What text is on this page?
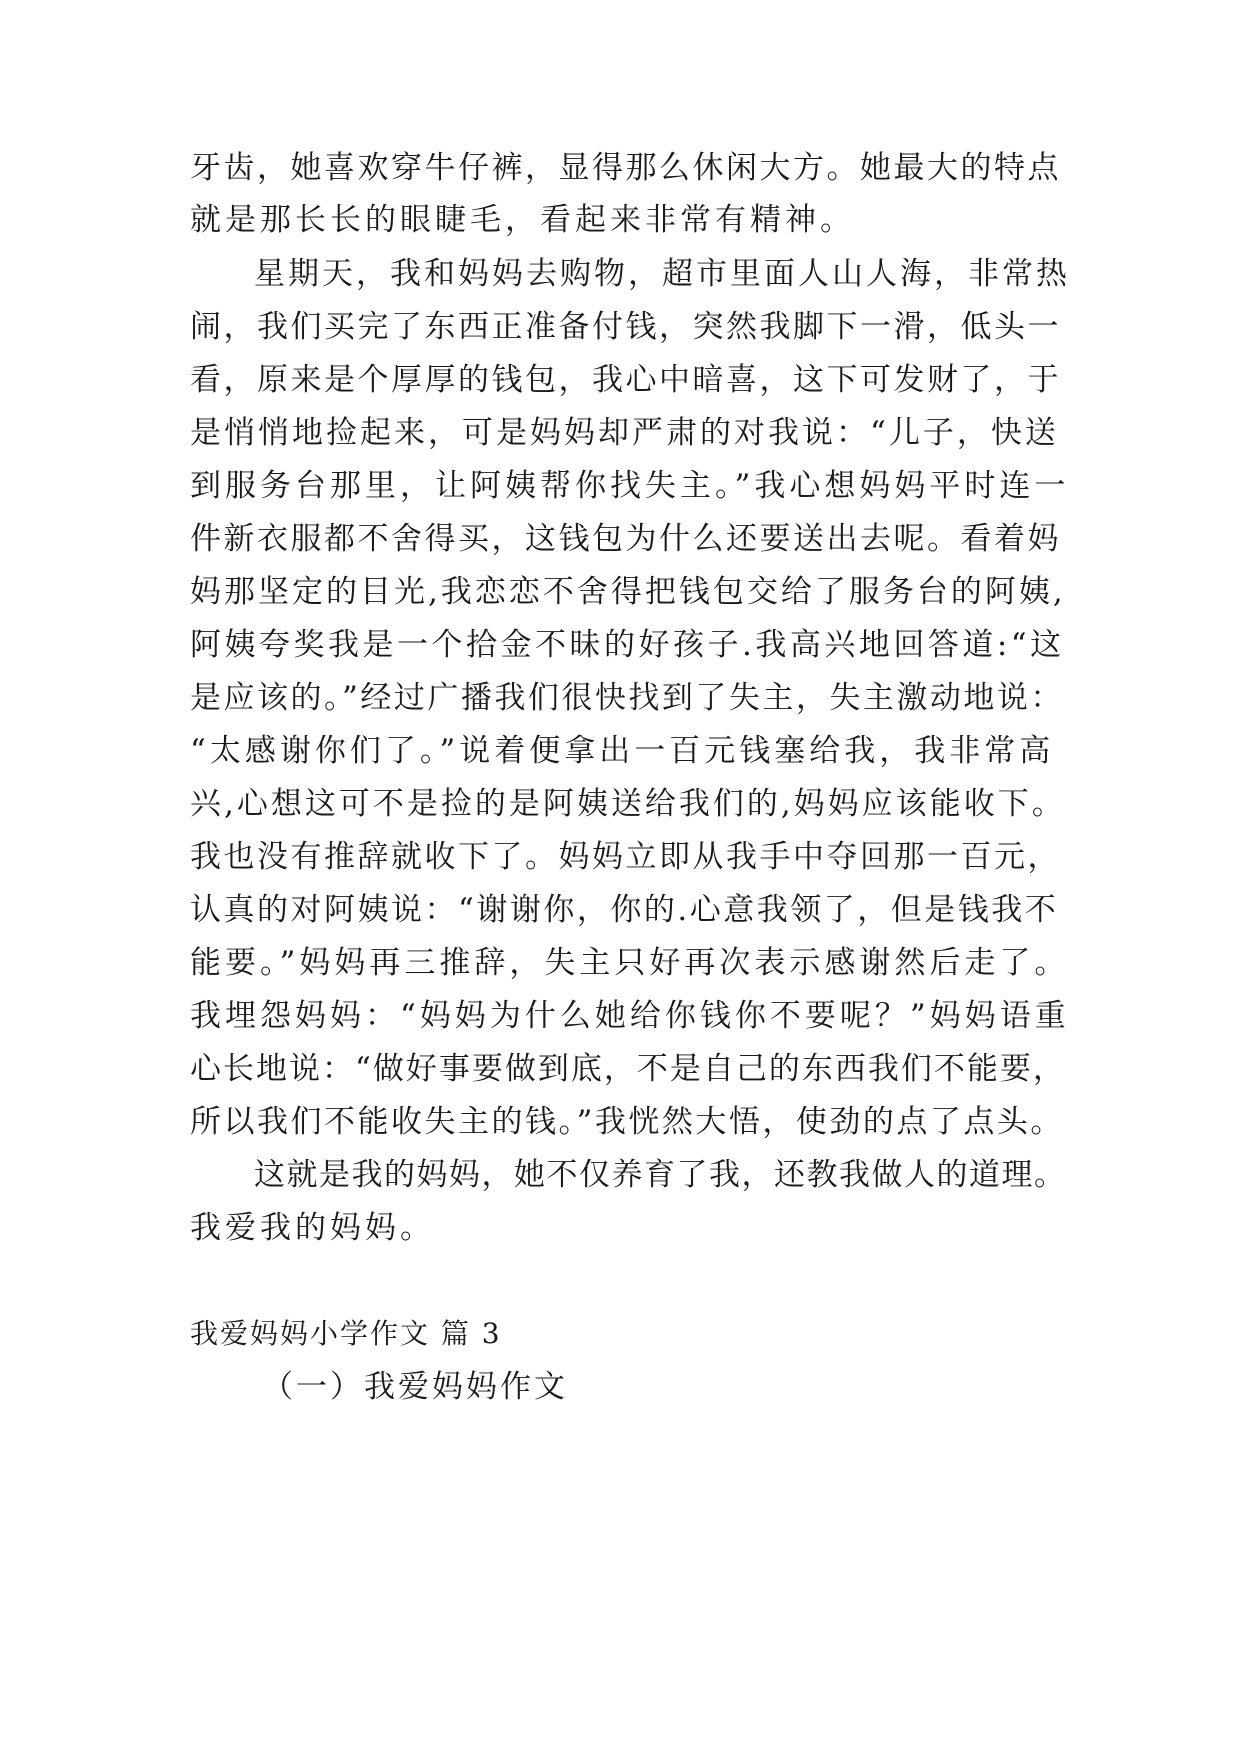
牙齿，她喜欢穿牛仔裤，显得那么休闲大方。她最大的特点
就是那长长的眼睫毛，看起来非常有精神。
星期天，我和妈妈去购物，超市里面人山人海，非常热
闹，我们买完了东西正准备付钱，突然我脚下一滑，低头一
看，原来是个厚厚的钱包，我心中暗喜，这下可发财了，于
是悄悄地捡起来，可是妈妈却严肃的对我说：“儿子，快送
到服务台那里，让阿姨帮你找失主。”我心想妈妈平时连一
件新衣服都不舍得买，这钱包为什么还要送出去呢。看着妈
妈那坚定的目光,我恋恋不舍得把钱包交给了服务台的阿姨,
阿姨夸奖我是一个拾金不昧的好孩子.我高兴地回答道:“这
是应该的。”经过广播我们很快找到了失主，失主激动地说：
“太感谢你们了。”说着便拿出一百元钱塞给我，我非常高
兴,心想这可不是捡的是阿姨送给我们的,妈妈应该能收下。
我也没有推辞就收下了。妈妈立即从我手中夺回那一百元，
认真的对阿姨说：“谢谢你，你的.心意我领了，但是钱我不
能要。”妈妈再三推辞，失主只好再次表示感谢然后走了。
我埋怨妈妈：“妈妈为什么她给你钱你不要呢？”妈妈语重
心长地说：“做好事要做到底，不是自己的东西我们不能要，
所以我们不能收失主的钱。”我恍然大悟，使劲的点了点头。
这就是我的妈妈，她不仅养育了我，还教我做人的道理。
我爱我的妈妈。
我爱妈妈小学作文 篇 3
（一）我爱妈妈作文
